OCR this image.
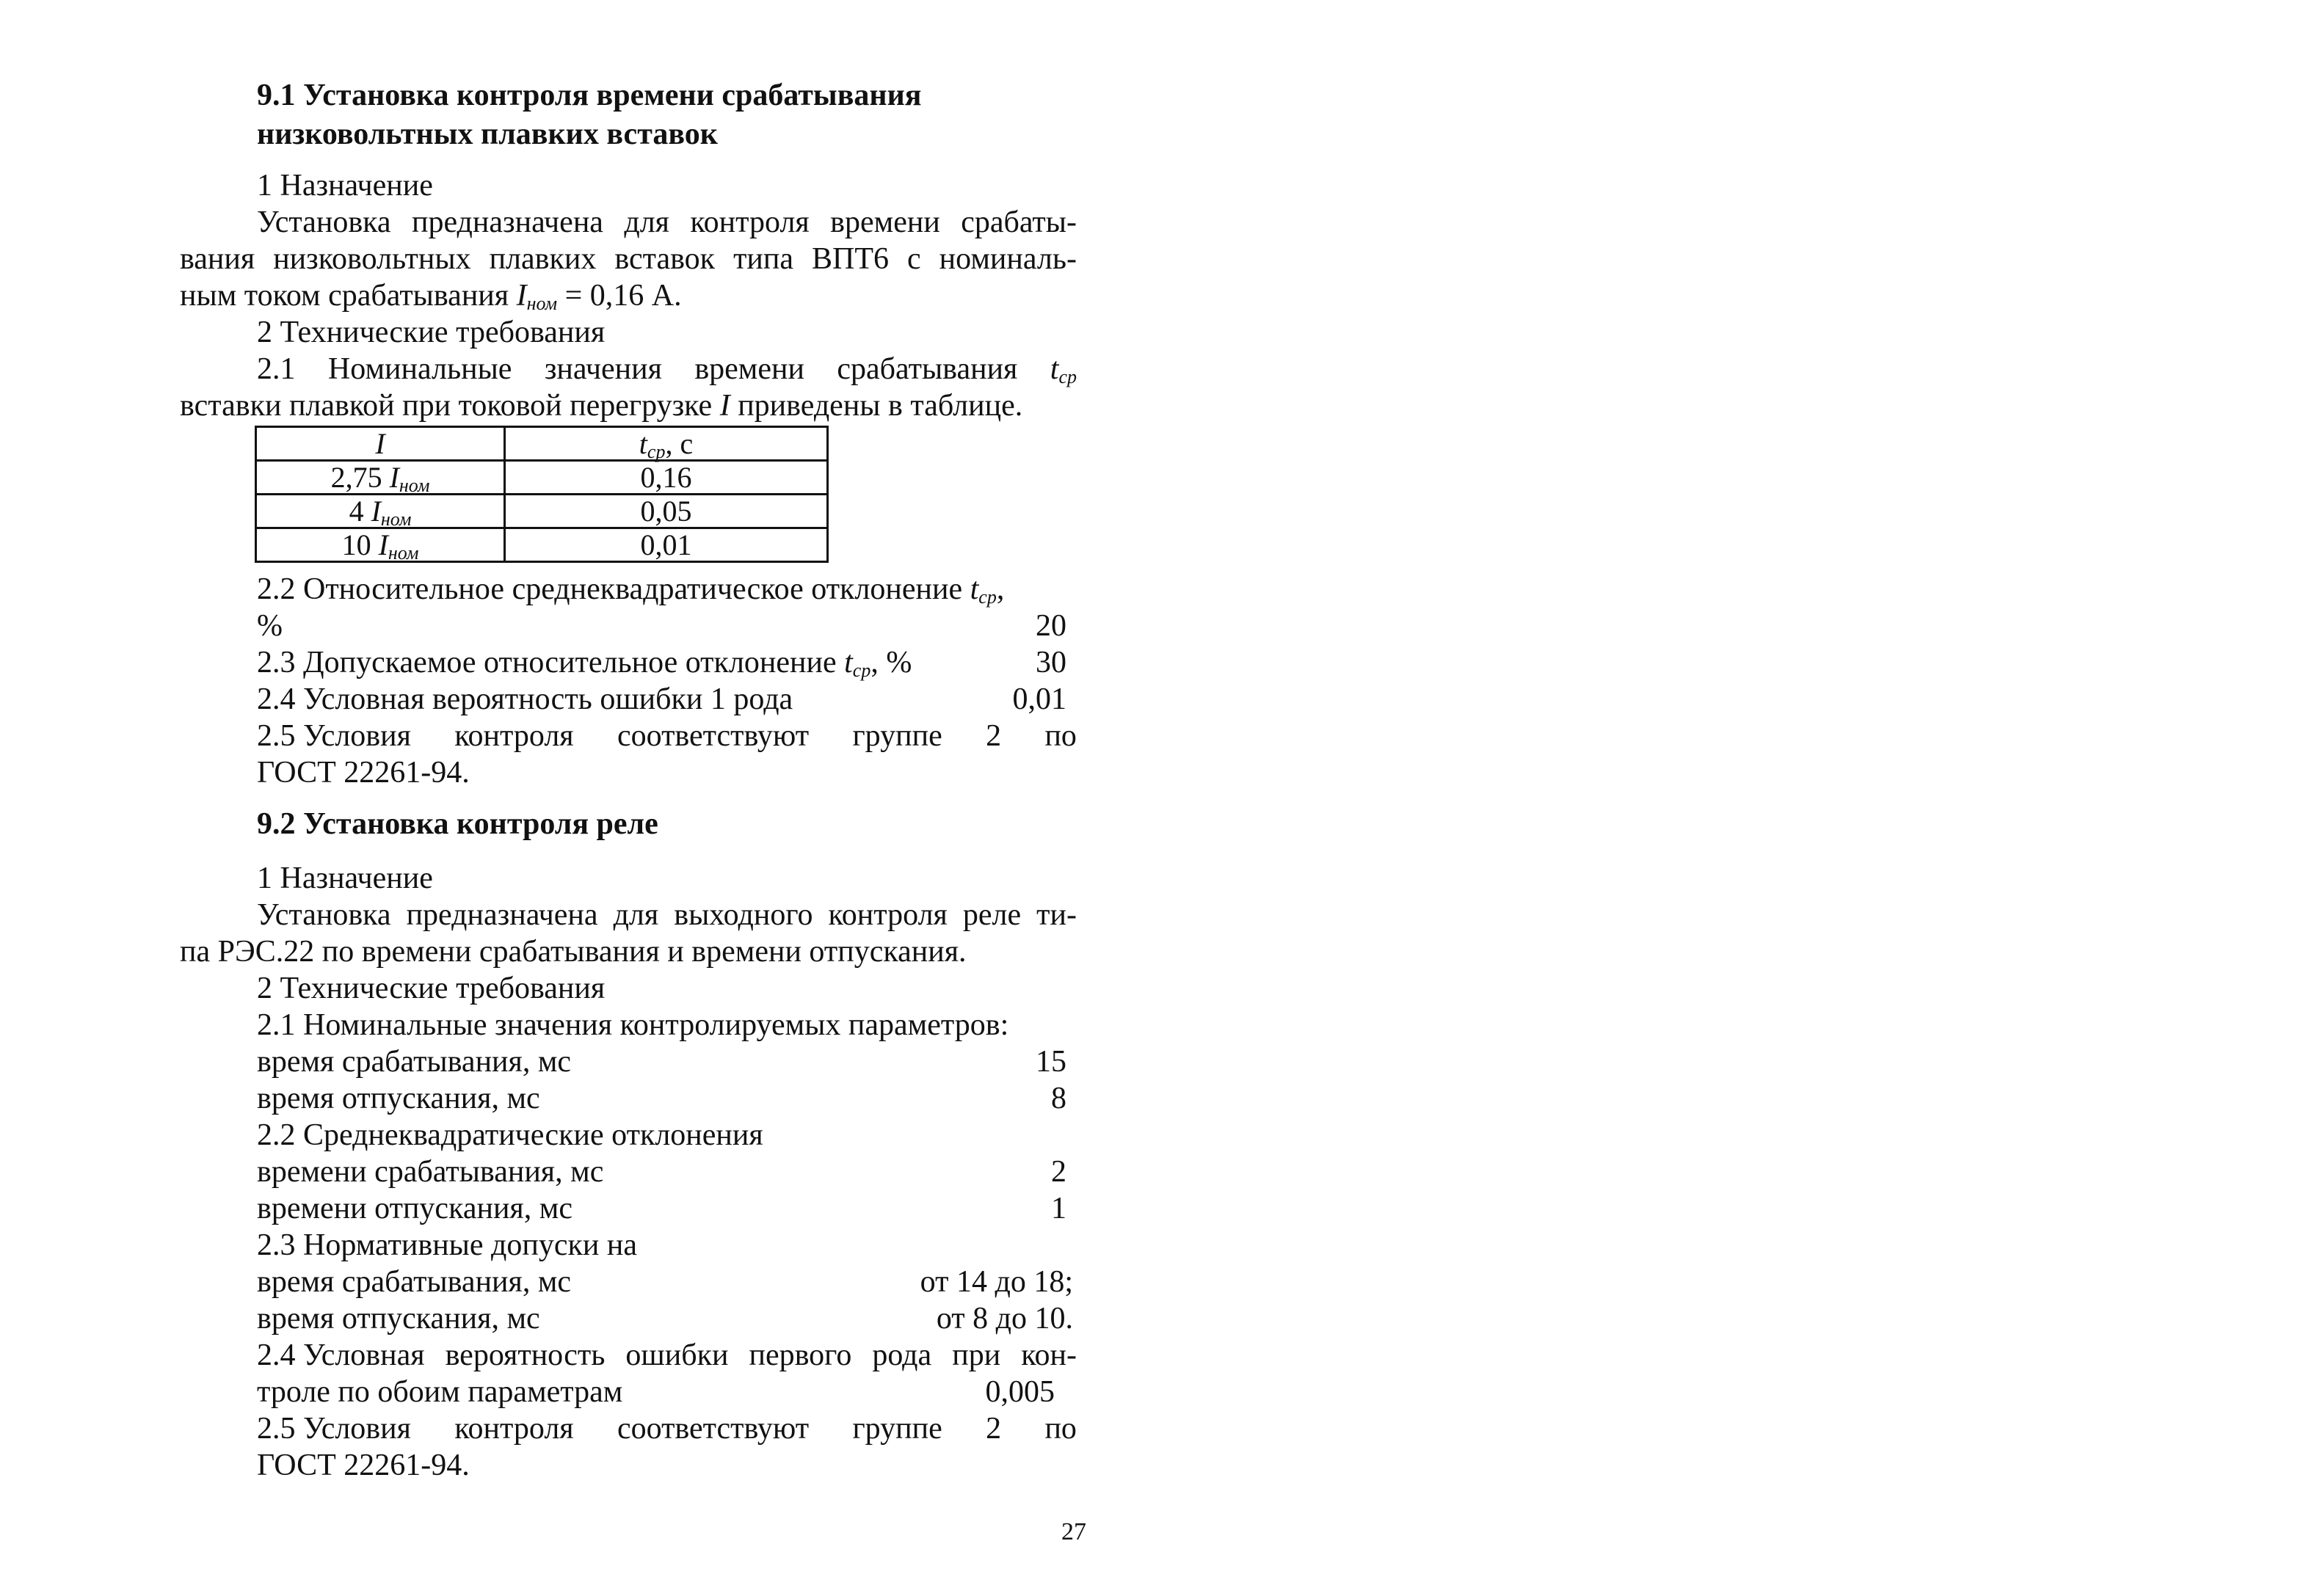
9.1 Установка контроля времени срабатывания
низковольтных плавких вставок
1 Назначение
Установка предназначена для контроля времени срабаты-
вания низковольтных плавких вставок типа ВПТ6 с номиналь-
ным током срабатывания $I_{ном} = 0,16$ А.
2 Технические требования
2.1 Номинальные значения времени срабатывания $t_{ср}$
вставки плавкой при токовой перегрузке I приведены в таблице.
I	$t_{ср}$, с
2,75 $I_{ном}$	0,16
4 $I_{ном}$	0,05
10 $I_{ном}$	0,01
2.2 Относительное среднеквадратическое отклонение $t_{ср}$,
%	20
2.3 Допускаемое относительное отклонение $t_{ср}$, %	30
2.4 Условная вероятность ошибки 1 рода	0,01
2.5 Условия контроля соответствуют группе 2 по
ГОСТ 22261-94.
9.2 Установка контроля реле
1 Назначение
Установка предназначена для выходного контроля реле ти-
па РЭС.22 по времени срабатывания и времени отпускания.
2 Технические требования
2.1 Номинальные значения контролируемых параметров:
время срабатывания, мс	15
время отпускания, мс	8
2.2 Среднеквадратические отклонения
времени срабатывания, мс	2
времени отпускания, мс	1
2.3 Нормативные допуски на
время срабатывания, мс	от 14 до 18;
время отпускания, мс	от 8 до 10.
2.4 Условная вероятность ошибки первого рода при кон-
троле по обоим параметрам	0,005
2.5 Условия контроля соответствуют группе 2 по
ГОСТ 22261-94.
27
